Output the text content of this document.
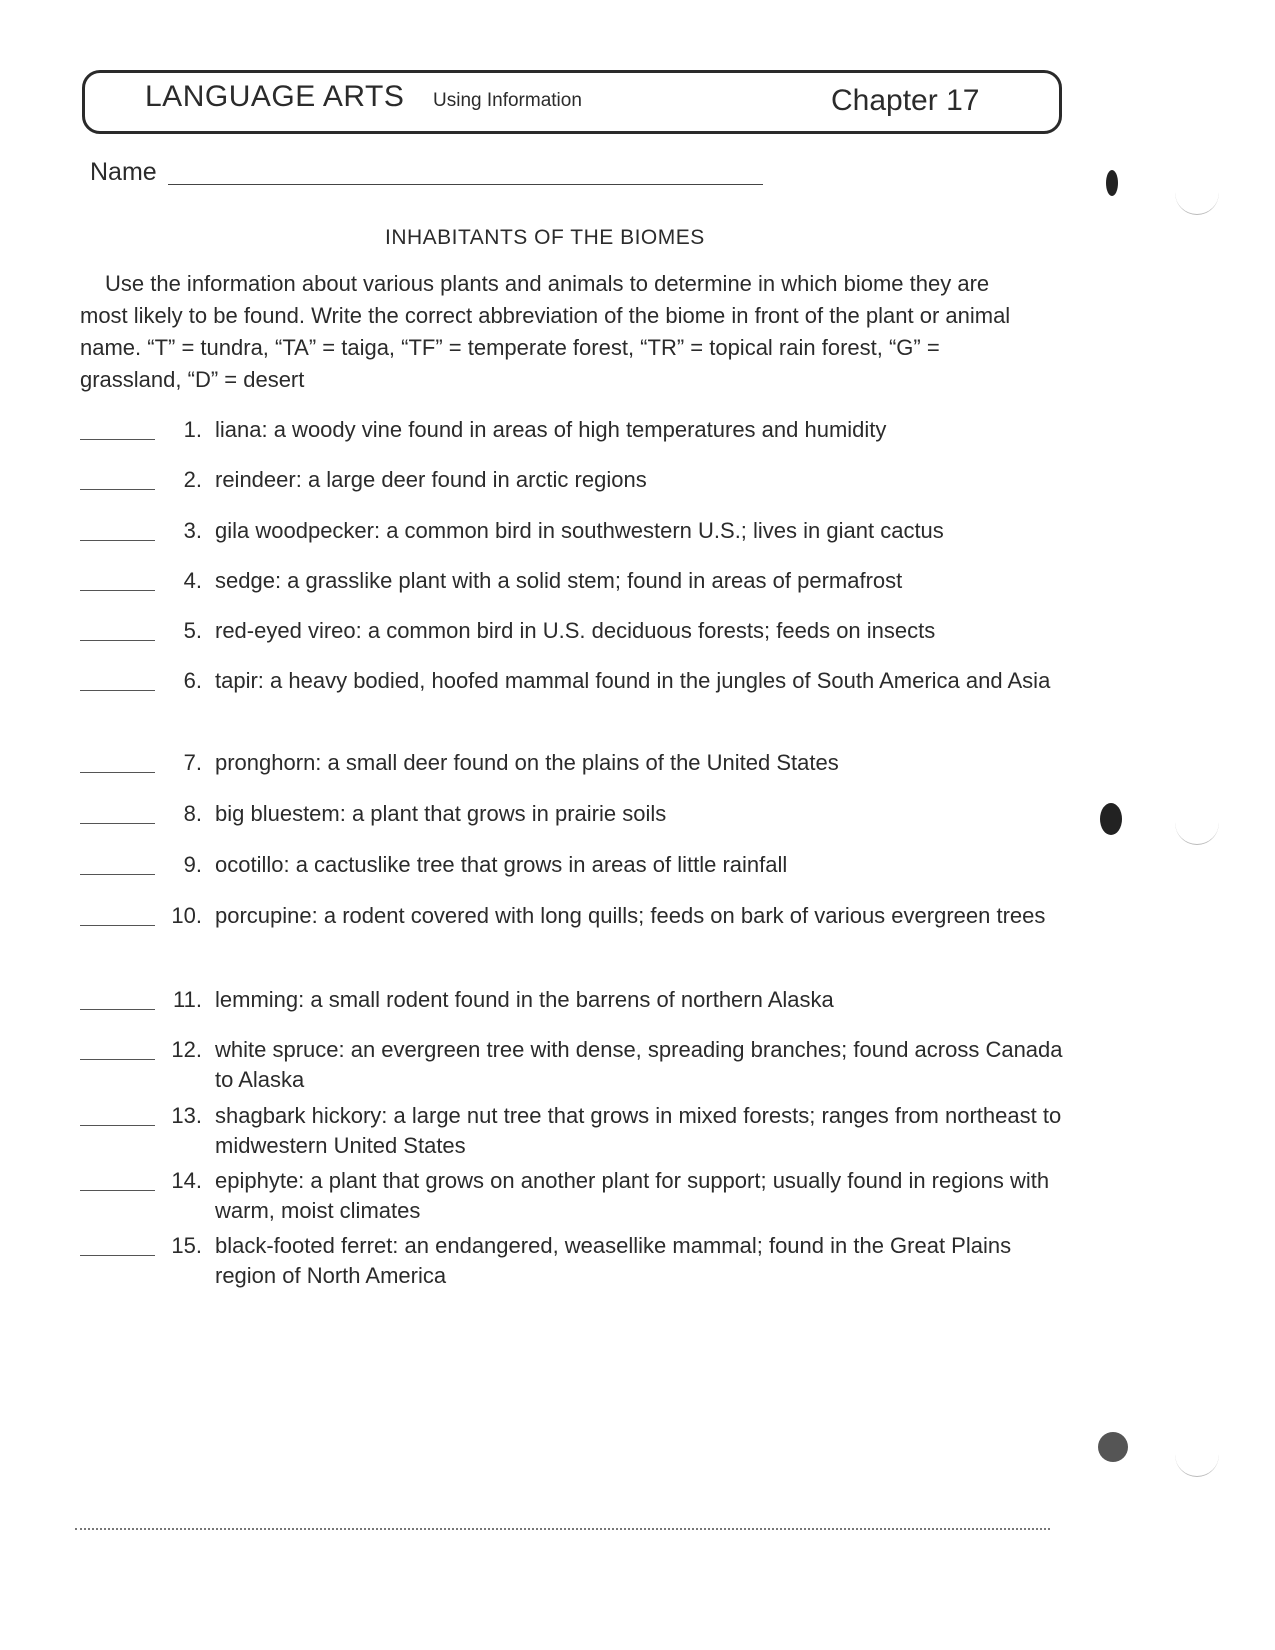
LANGUAGE ARTS Using Information	Chapter 17
Name
INHABITANTS OF THE BIOMES
Use the information about various plants and animals to determine in which biome they are most likely to be found. Write the correct abbreviation of the biome in front of the plant or animal name. “T” = tundra, “TA” = taiga, “TF” = temperate forest, “TR” = topical rain forest, “G” = grassland, “D” = desert
1. liana: a woody vine found in areas of high temperatures and humidity
2. reindeer: a large deer found in arctic regions
3. gila woodpecker: a common bird in southwestern U.S.; lives in giant cactus
4. sedge: a grasslike plant with a solid stem; found in areas of permafrost
5. red-eyed vireo: a common bird in U.S. deciduous forests; feeds on insects
6. tapir: a heavy bodied, hoofed mammal found in the jungles of South America and Asia
7. pronghorn: a small deer found on the plains of the United States
8. big bluestem: a plant that grows in prairie soils
9. ocotillo: a cactuslike tree that grows in areas of little rainfall
10. porcupine: a rodent covered with long quills; feeds on bark of various evergreen trees
11. lemming: a small rodent found in the barrens of northern Alaska
12. white spruce: an evergreen tree with dense, spreading branches; found across Canada to Alaska
13. shagbark hickory: a large nut tree that grows in mixed forests; ranges from northeast to midwestern United States
14. epiphyte: a plant that grows on another plant for support; usually found in regions with warm, moist climates
15. black-footed ferret: an endangered, weasellike mammal; found in the Great Plains region of North America
